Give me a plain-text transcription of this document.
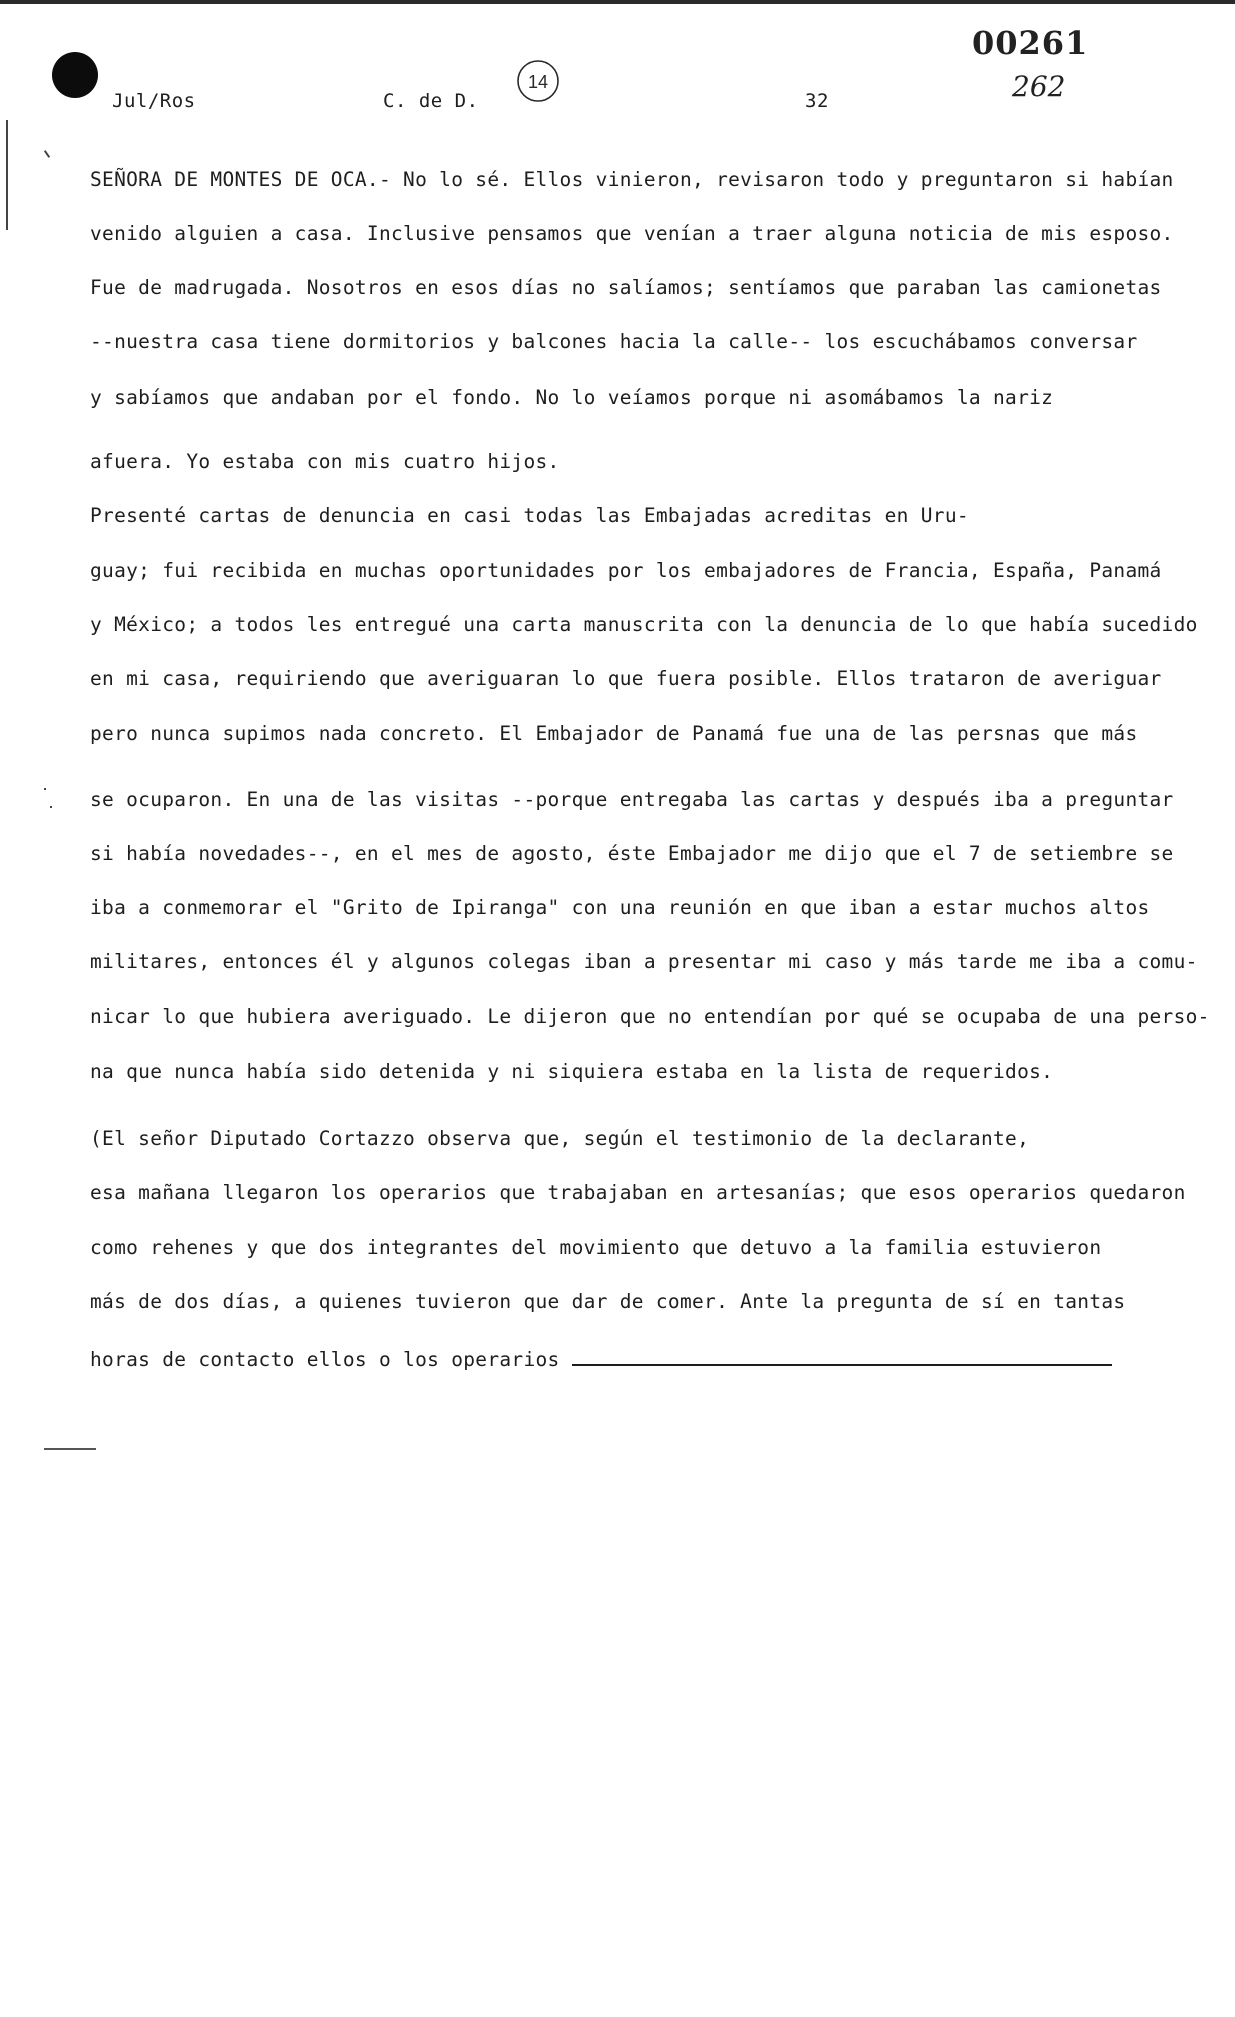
Jul/Ros	C. de D.
14
32
00261
262
SEÑORA DE MONTES DE OCA.- No lo sé. Ellos vinieron, revisaron todo y preguntaron si habían
venido alguien a casa. Inclusive pensamos que venían a traer alguna noticia de mis esposo.
Fue de madrugada. Nosotros en esos días no salíamos; sentíamos que paraban las camionetas
--nuestra casa tiene dormitorios y balcones hacia la calle-- los escuchábamos conversar
y sabíamos que andaban por el fondo. No lo veíamos porque ni asomábamos la nariz
afuera. Yo estaba con mis cuatro hijos.
Presenté cartas de denuncia en casi todas las Embajadas acreditas en Uru-
guay; fui recibida en muchas oportunidades por los embajadores de Francia, España, Panamá
y México; a todos les entregué una carta manuscrita con la denuncia de lo que había sucedido
en mi casa, requiriendo que averiguaran lo que fuera posible. Ellos trataron de averiguar
pero nunca supimos nada concreto. El Embajador de Panamá fue una de las persnas que más
se ocuparon. En una de las visitas --porque entregaba las cartas y después iba a preguntar
si había novedades--, en el mes de agosto, éste Embajador me dijo que el 7 de setiembre se
iba a conmemorar el "Grito de Ipiranga" con una reunión en que iban a estar muchos altos
militares, entonces él y algunos colegas iban a presentar mi caso y más tarde me iba a comu-
nicar lo que hubiera averiguado. Le dijeron que no entendían por qué se ocupaba de una perso-
na que nunca había sido detenida y ni siquiera estaba en la lista de requeridos.
(El señor Diputado Cortazzo observa que, según el testimonio de la declarante,
esa mañana llegaron los operarios que trabajaban en artesanías; que esos operarios quedaron
como rehenes y que dos integrantes del movimiento que detuvo a la familia estuvieron
más de dos días, a quienes tuvieron que dar de comer. Ante la pregunta de sí en tantas
horas de contacto ellos o los operarios
